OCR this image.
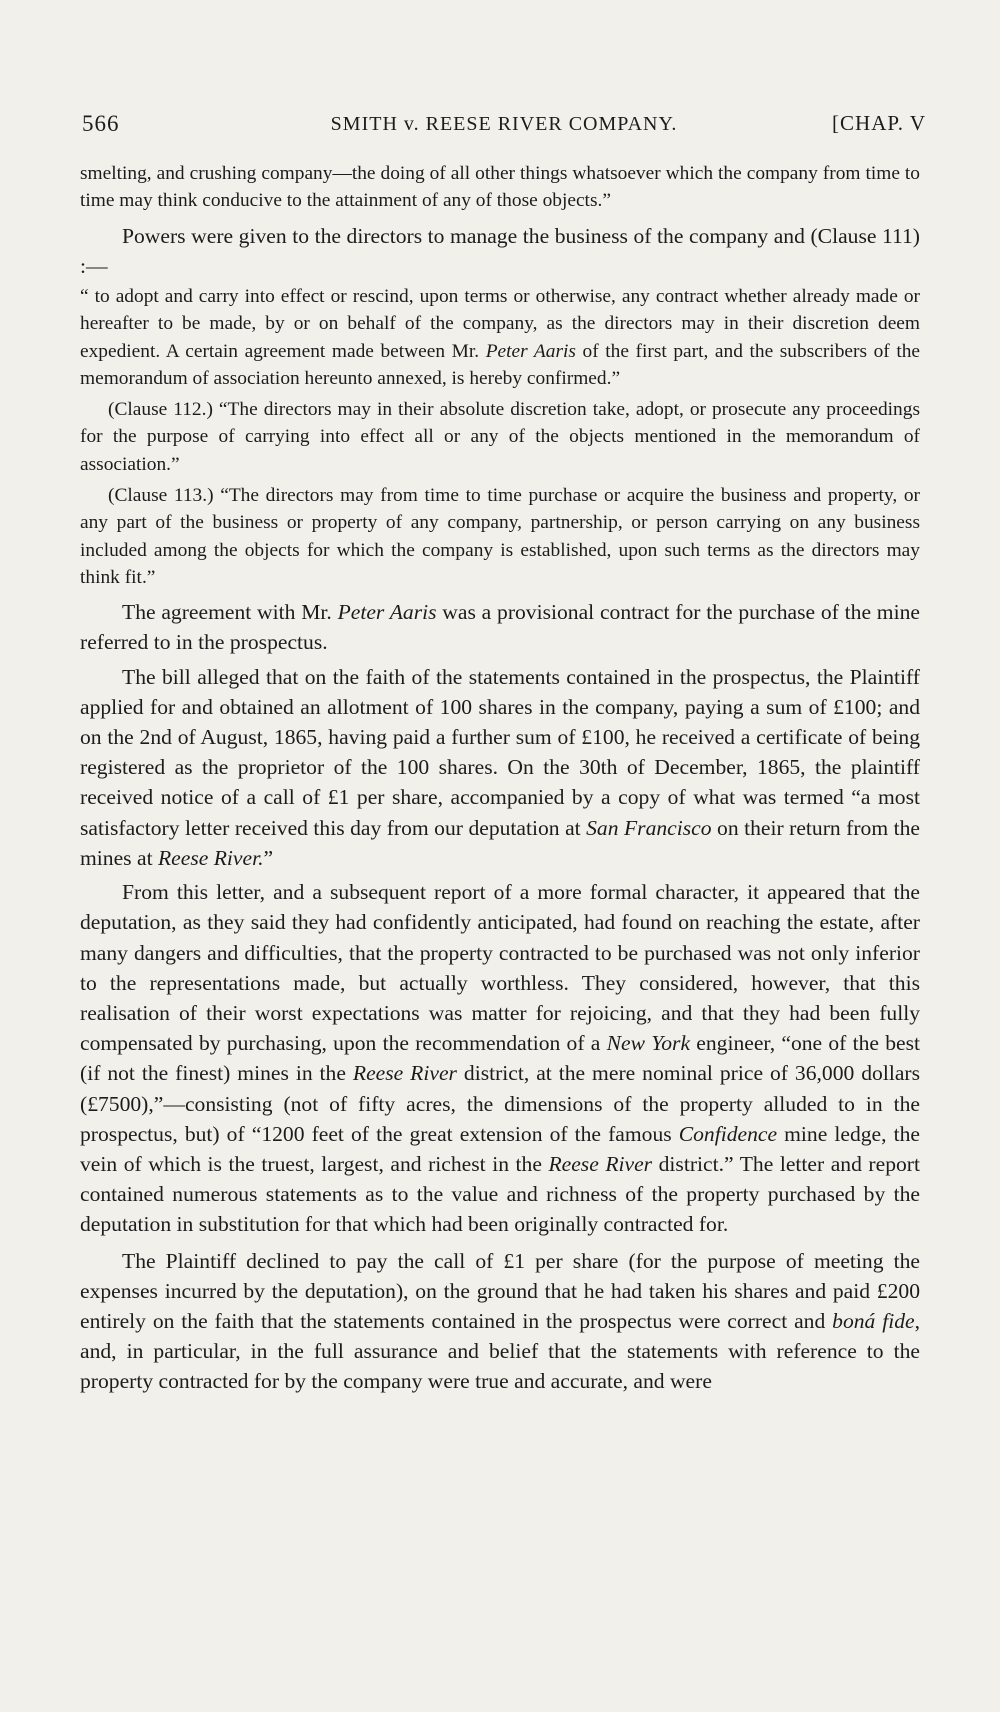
566	SMITH v. REESE RIVER COMPANY.	[CHAP. V

smelting, and crushing company—the doing of all other things whatsoever which the company from time to time may think conducive to the attainment of any of those objects.”

Powers were given to the directors to manage the business of the company and (Clause 111) :—

“ to adopt and carry into effect or rescind, upon terms or otherwise, any contract whether already made or hereafter to be made, by or on behalf of the company, as the directors may in their discretion deem expedient. A certain agreement made between Mr. Peter Aaris of the first part, and the subscribers of the memorandum of association hereunto annexed, is hereby confirmed.”

(Clause 112.) “The directors may in their absolute discretion take, adopt, or prosecute any proceedings for the purpose of carrying into effect all or any of the objects mentioned in the memorandum of association.”

(Clause 113.) “The directors may from time to time purchase or acquire the business and property, or any part of the business or property of any company, partnership, or person carrying on any business included among the objects for which the company is established, upon such terms as the directors may think fit.”

The agreement with Mr. Peter Aaris was a provisional contract for the purchase of the mine referred to in the prospectus.

The bill alleged that on the faith of the statements contained in the prospectus, the Plaintiff applied for and obtained an allotment of 100 shares in the company, paying a sum of £100; and on the 2nd of August, 1865, having paid a further sum of £100, he received a certificate of being registered as the proprietor of the 100 shares. On the 30th of December, 1865, the plaintiff received notice of a call of £1 per share, accompanied by a copy of what was termed “a most satisfactory letter received this day from our deputation at San Francisco on their return from the mines at Reese River.”

From this letter, and a subsequent report of a more formal character, it appeared that the deputation, as they said they had confidently anticipated, had found on reaching the estate, after many dangers and difficulties, that the property contracted to be purchased was not only inferior to the representations made, but actually worthless. They considered, however, that this realisation of their worst expectations was matter for rejoicing, and that they had been fully compensated by purchasing, upon the recommendation of a New York engineer, “one of the best (if not the finest) mines in the Reese River district, at the mere nominal price of 36,000 dollars (£7500),”—consisting (not of fifty acres, the dimensions of the property alluded to in the prospectus, but) of “1200 feet of the great extension of the famous Confidence mine ledge, the vein of which is the truest, largest, and richest in the Reese River district.” The letter and report contained numerous statements as to the value and richness of the property purchased by the deputation in substitution for that which had been originally contracted for.

The Plaintiff declined to pay the call of £1 per share (for the purpose of meeting the expenses incurred by the deputation), on the ground that he had taken his shares and paid £200 entirely on the faith that the statements contained in the prospectus were correct and boná fide, and, in particular, in the full assurance and belief that the statements with reference to the property contracted for by the company were true and accurate, and were
